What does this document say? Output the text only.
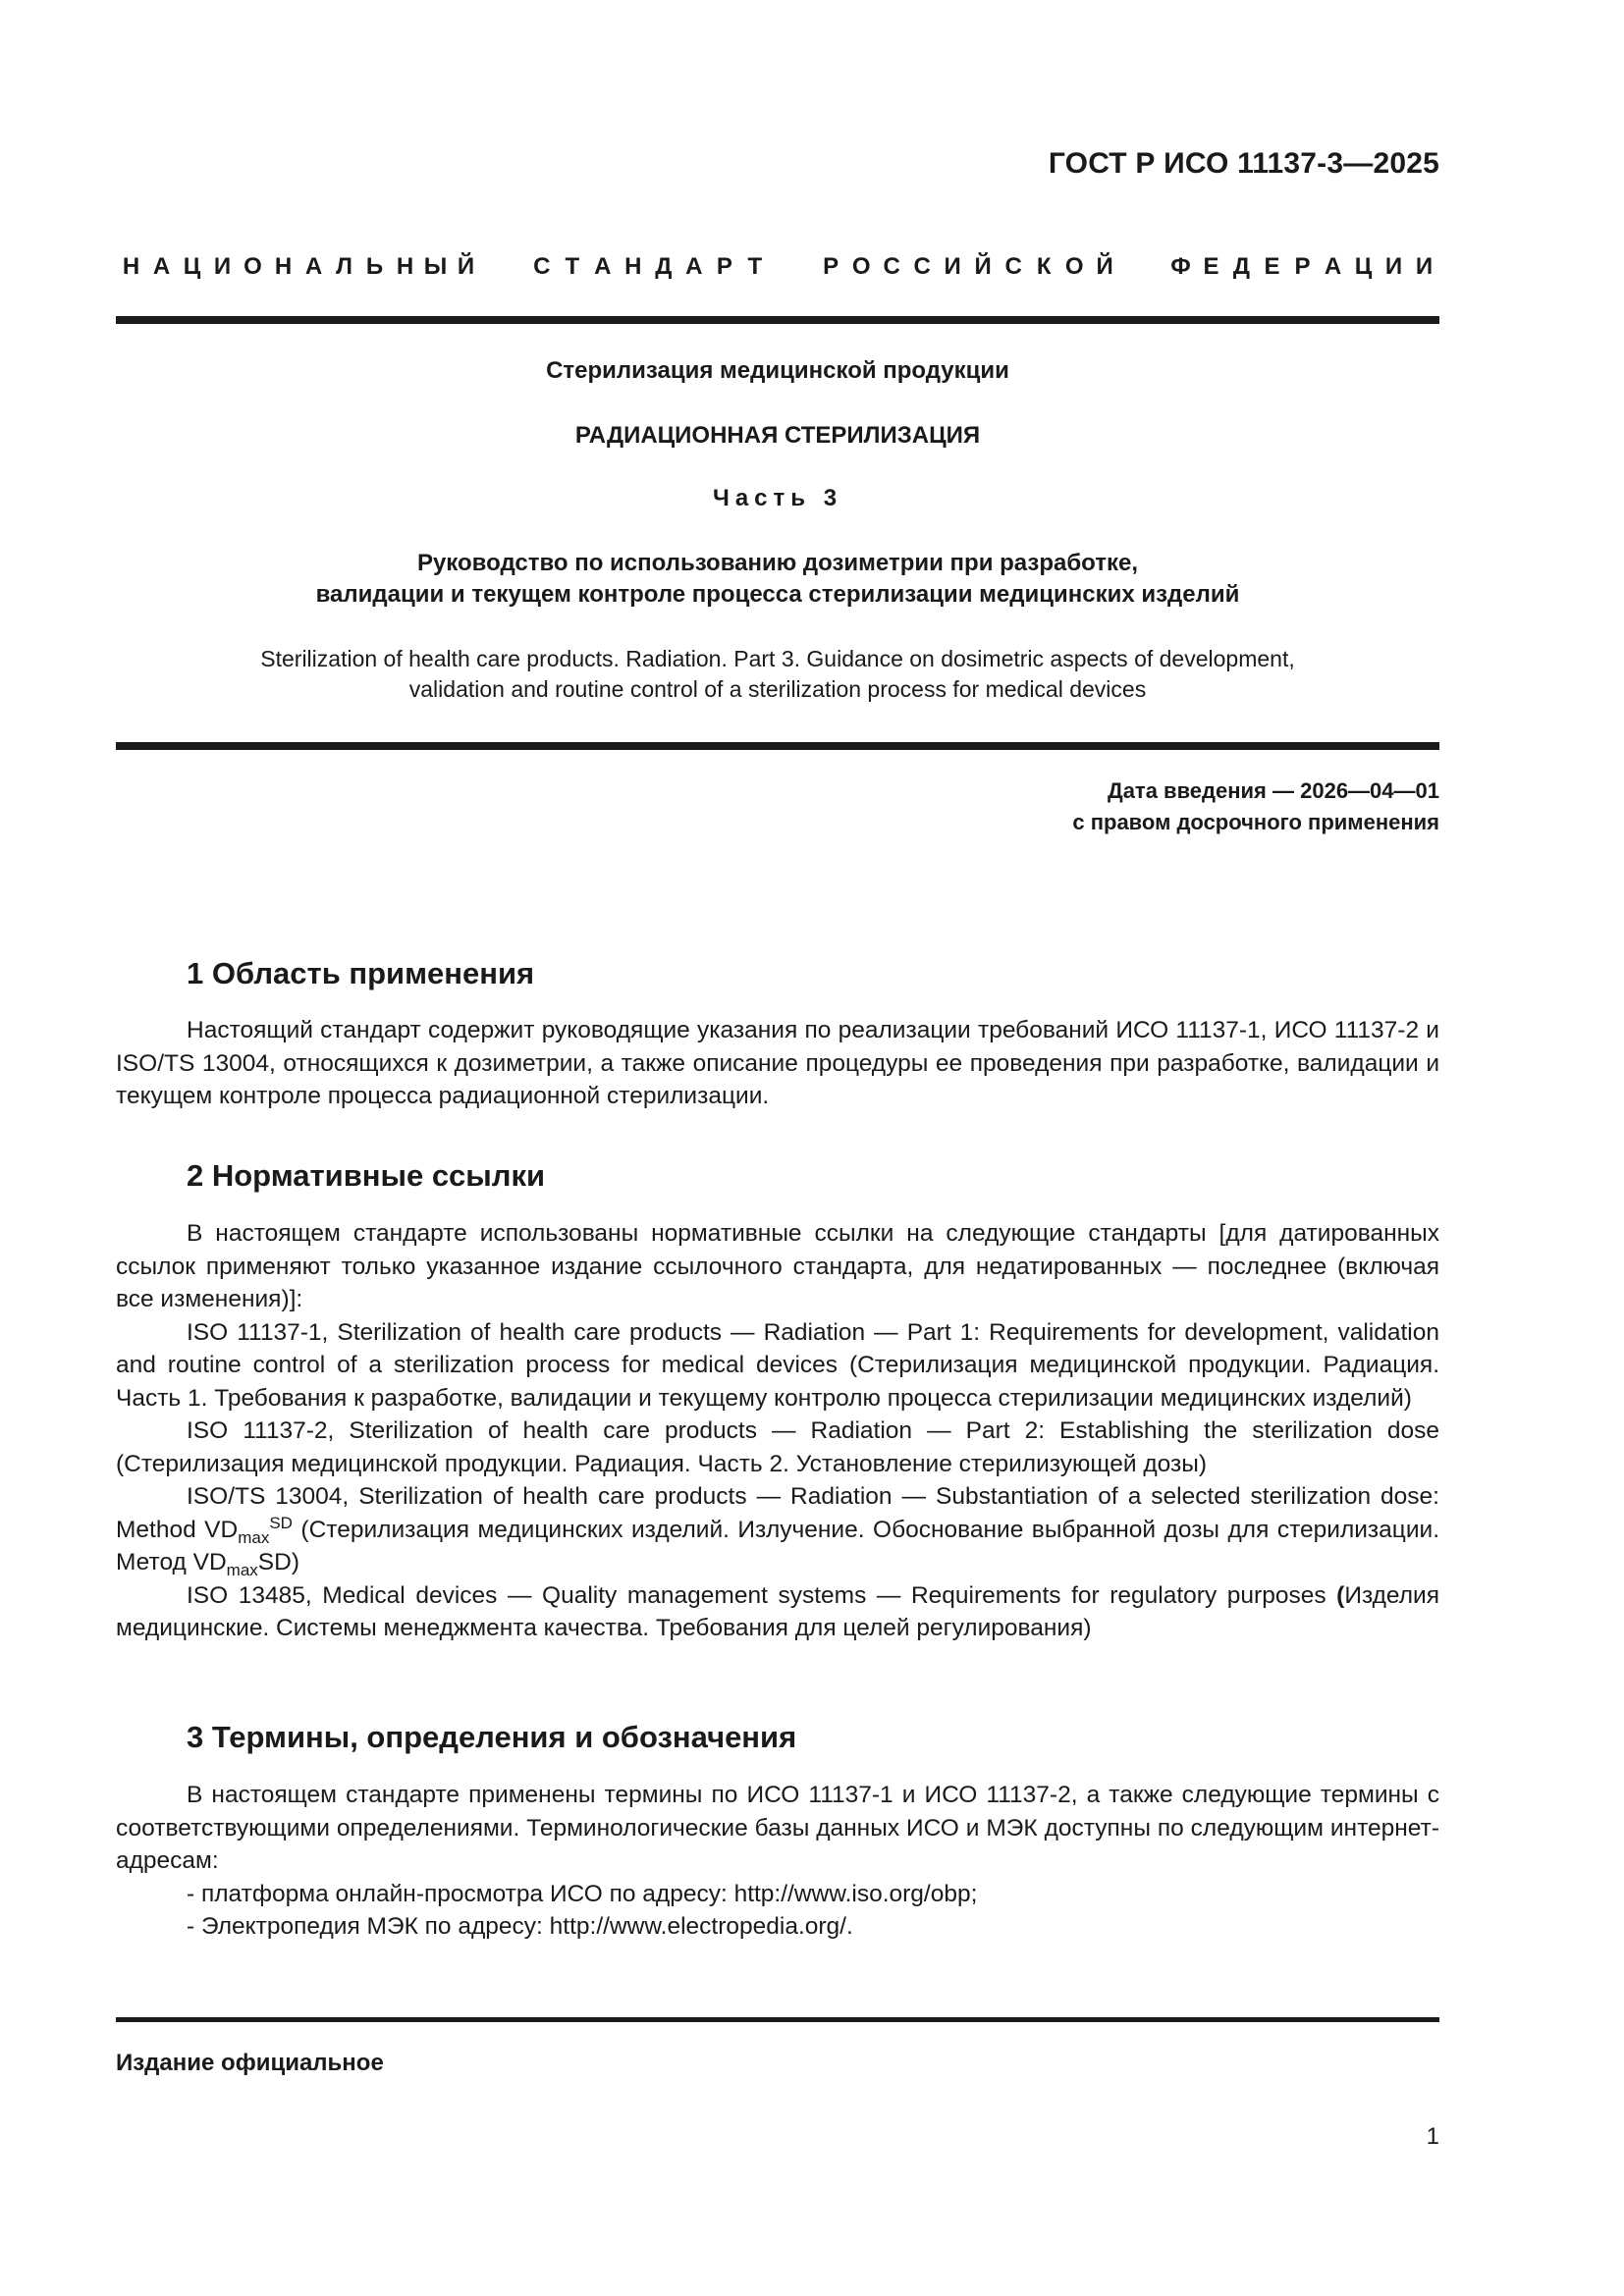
ГОСТ Р ИСО 11137-3—2025
Н А Ц И О Н А Л Ь Н Ы Й	С Т А Н Д А Р Т	Р О С С И Й С К О Й Ф Е Д Е Р А Ц И И
Стерилизация медицинской продукции
РАДИАЦИОННАЯ СТЕРИЛИЗАЦИЯ
Часть 3
Руководство по использованию дозиметрии при разработке,
валидации и текущем контроле процесса стерилизации медицинских изделий
Sterilization of health care products. Radiation. Part 3. Guidance on dosimetric aspects of development,
validation and routine control of a sterilization process for medical devices
Дата введения — 2026—04—01
с правом досрочного применения
1 Область применения

Настоящий стандарт содержит руководящие указания по реализации требований ИСО 11137-1, ИСО 11137-2 и ISO/TS 13004, относящихся к дозиметрии, а также описание процедуры ее проведения при разработке, валидации и текущем контроле процесса радиационной стерилизации.

2 Нормативные ссылки

В настоящем стандарте использованы нормативные ссылки на следующие стандарты [для датированных ссылок применяют только указанное издание ссылочного стандарта, для недатированных — последнее (включая все изменения)]:

ISO 11137-1, Sterilization of health care products — Radiation — Part 1: Requirements for development, validation and routine control of a sterilization process for medical devices (Стерилизация медицинской продукции. Радиация. Часть 1. Требования к разработке, валидации и текущему контролю процесса стерилизации медицинских изделий)

ISO 11137-2, Sterilization of health care products — Radiation — Part 2: Establishing the sterilization dose (Стерилизация медицинской продукции. Радиация. Часть 2. Установление стерилизующей дозы)

ISO/TS 13004, Sterilization of health care products — Radiation — Substantiation of a selected sterilization dose: Method $VD_{max}^{SD}$ (Стерилизация медицинских изделий. Излучение. Обоснование выбранной дозы для стерилизации. Метод $VD_{max}SD$)

ISO 13485, Medical devices — Quality management systems — Requirements for regulatory purposes (Изделия медицинские. Системы менеджмента качества. Требования для целей регулирования)

3 Термины, определения и обозначения

В настоящем стандарте применены термины по ИСО 11137-1 и ИСО 11137-2, а также следующие термины с соответствующими определениями. Терминологические базы данных ИСО и МЭК доступны по следующим интернет-адресам:

- платформа онлайн-просмотра ИСО по адресу: http://www.iso.org/obp;

- Электропедия МЭК по адресу: http://www.electropedia.org/.

Издание официальное
1
